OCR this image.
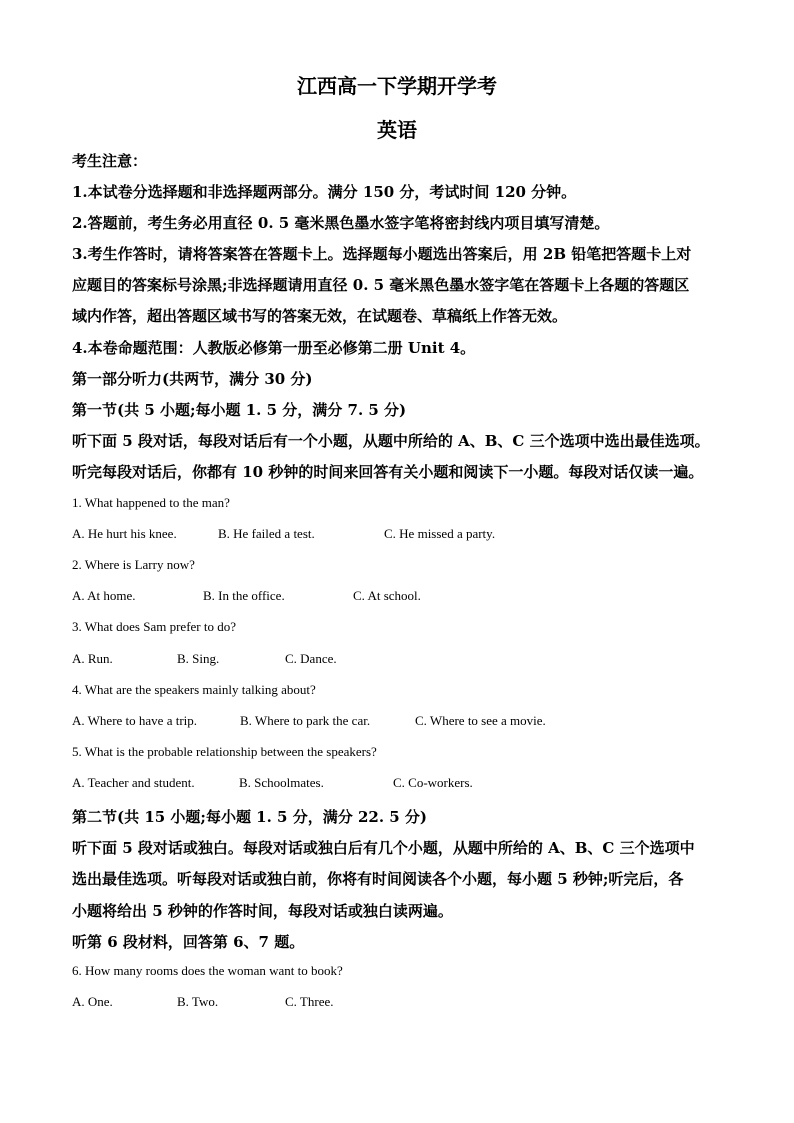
江西高一下学期开学考
英语
考生注意：
1.本试卷分选择题和非选择题两部分。满分 150 分，考试时间 120 分钟。
2.答题前，考生务必用直径 0. 5 毫米黑色墨水签字笔将密封线内项目填写清楚。
3.考生作答时，请将答案答在答题卡上。选择题每小题选出答案后，用 2B 铅笔把答题卡上对
应题目的答案标号涂黑;非选择题请用直径 0. 5 毫米黑色墨水签字笔在答题卡上各题的答题区
域内作答，超出答题区域书写的答案无效，在试题卷、草稿纸上作答无效。
4.本卷命题范围：人教版必修第一册至必修第二册 Unit 4。
第一部分听力(共两节，满分 30 分)
第一节(共 5 小题;每小题 1. 5 分，满分 7. 5 分)
听下面 5 段对话，每段对话后有一个小题，从题中所给的 A、B、C 三个选项中选出最佳选项。
听完每段对话后，你都有 10 秒钟的时间来回答有关小题和阅读下一小题。每段对话仅读一遍。
1. What happened to the man?
A. He hurt his knee.	B. He failed a test.	C. He missed a party.
2. Where is Larry now?
A. At home.	B. In the office.	C. At school.
3. What does Sam prefer to do?
A. Run.	B. Sing.	C. Dance.
4. What are the speakers mainly talking about?
A. Where to have a trip.	B. Where to park the car.	C. Where to see a movie.
5. What is the probable relationship between the speakers?
A. Teacher and student.	B. Schoolmates.	C. Co-workers.
第二节(共 15 小题;每小题 1. 5 分，满分 22. 5 分)
听下面 5 段对话或独白。每段对话或独白后有几个小题，从题中所给的 A、B、C 三个选项中
选出最佳选项。听每段对话或独白前，你将有时间阅读各个小题，每小题 5 秒钟;听完后，各
小题将给出 5 秒钟的作答时间，每段对话或独白读两遍。
听第 6 段材料，回答第 6、7 题。
6. How many rooms does the woman want to book?
A. One.	B. Two.	C. Three.
